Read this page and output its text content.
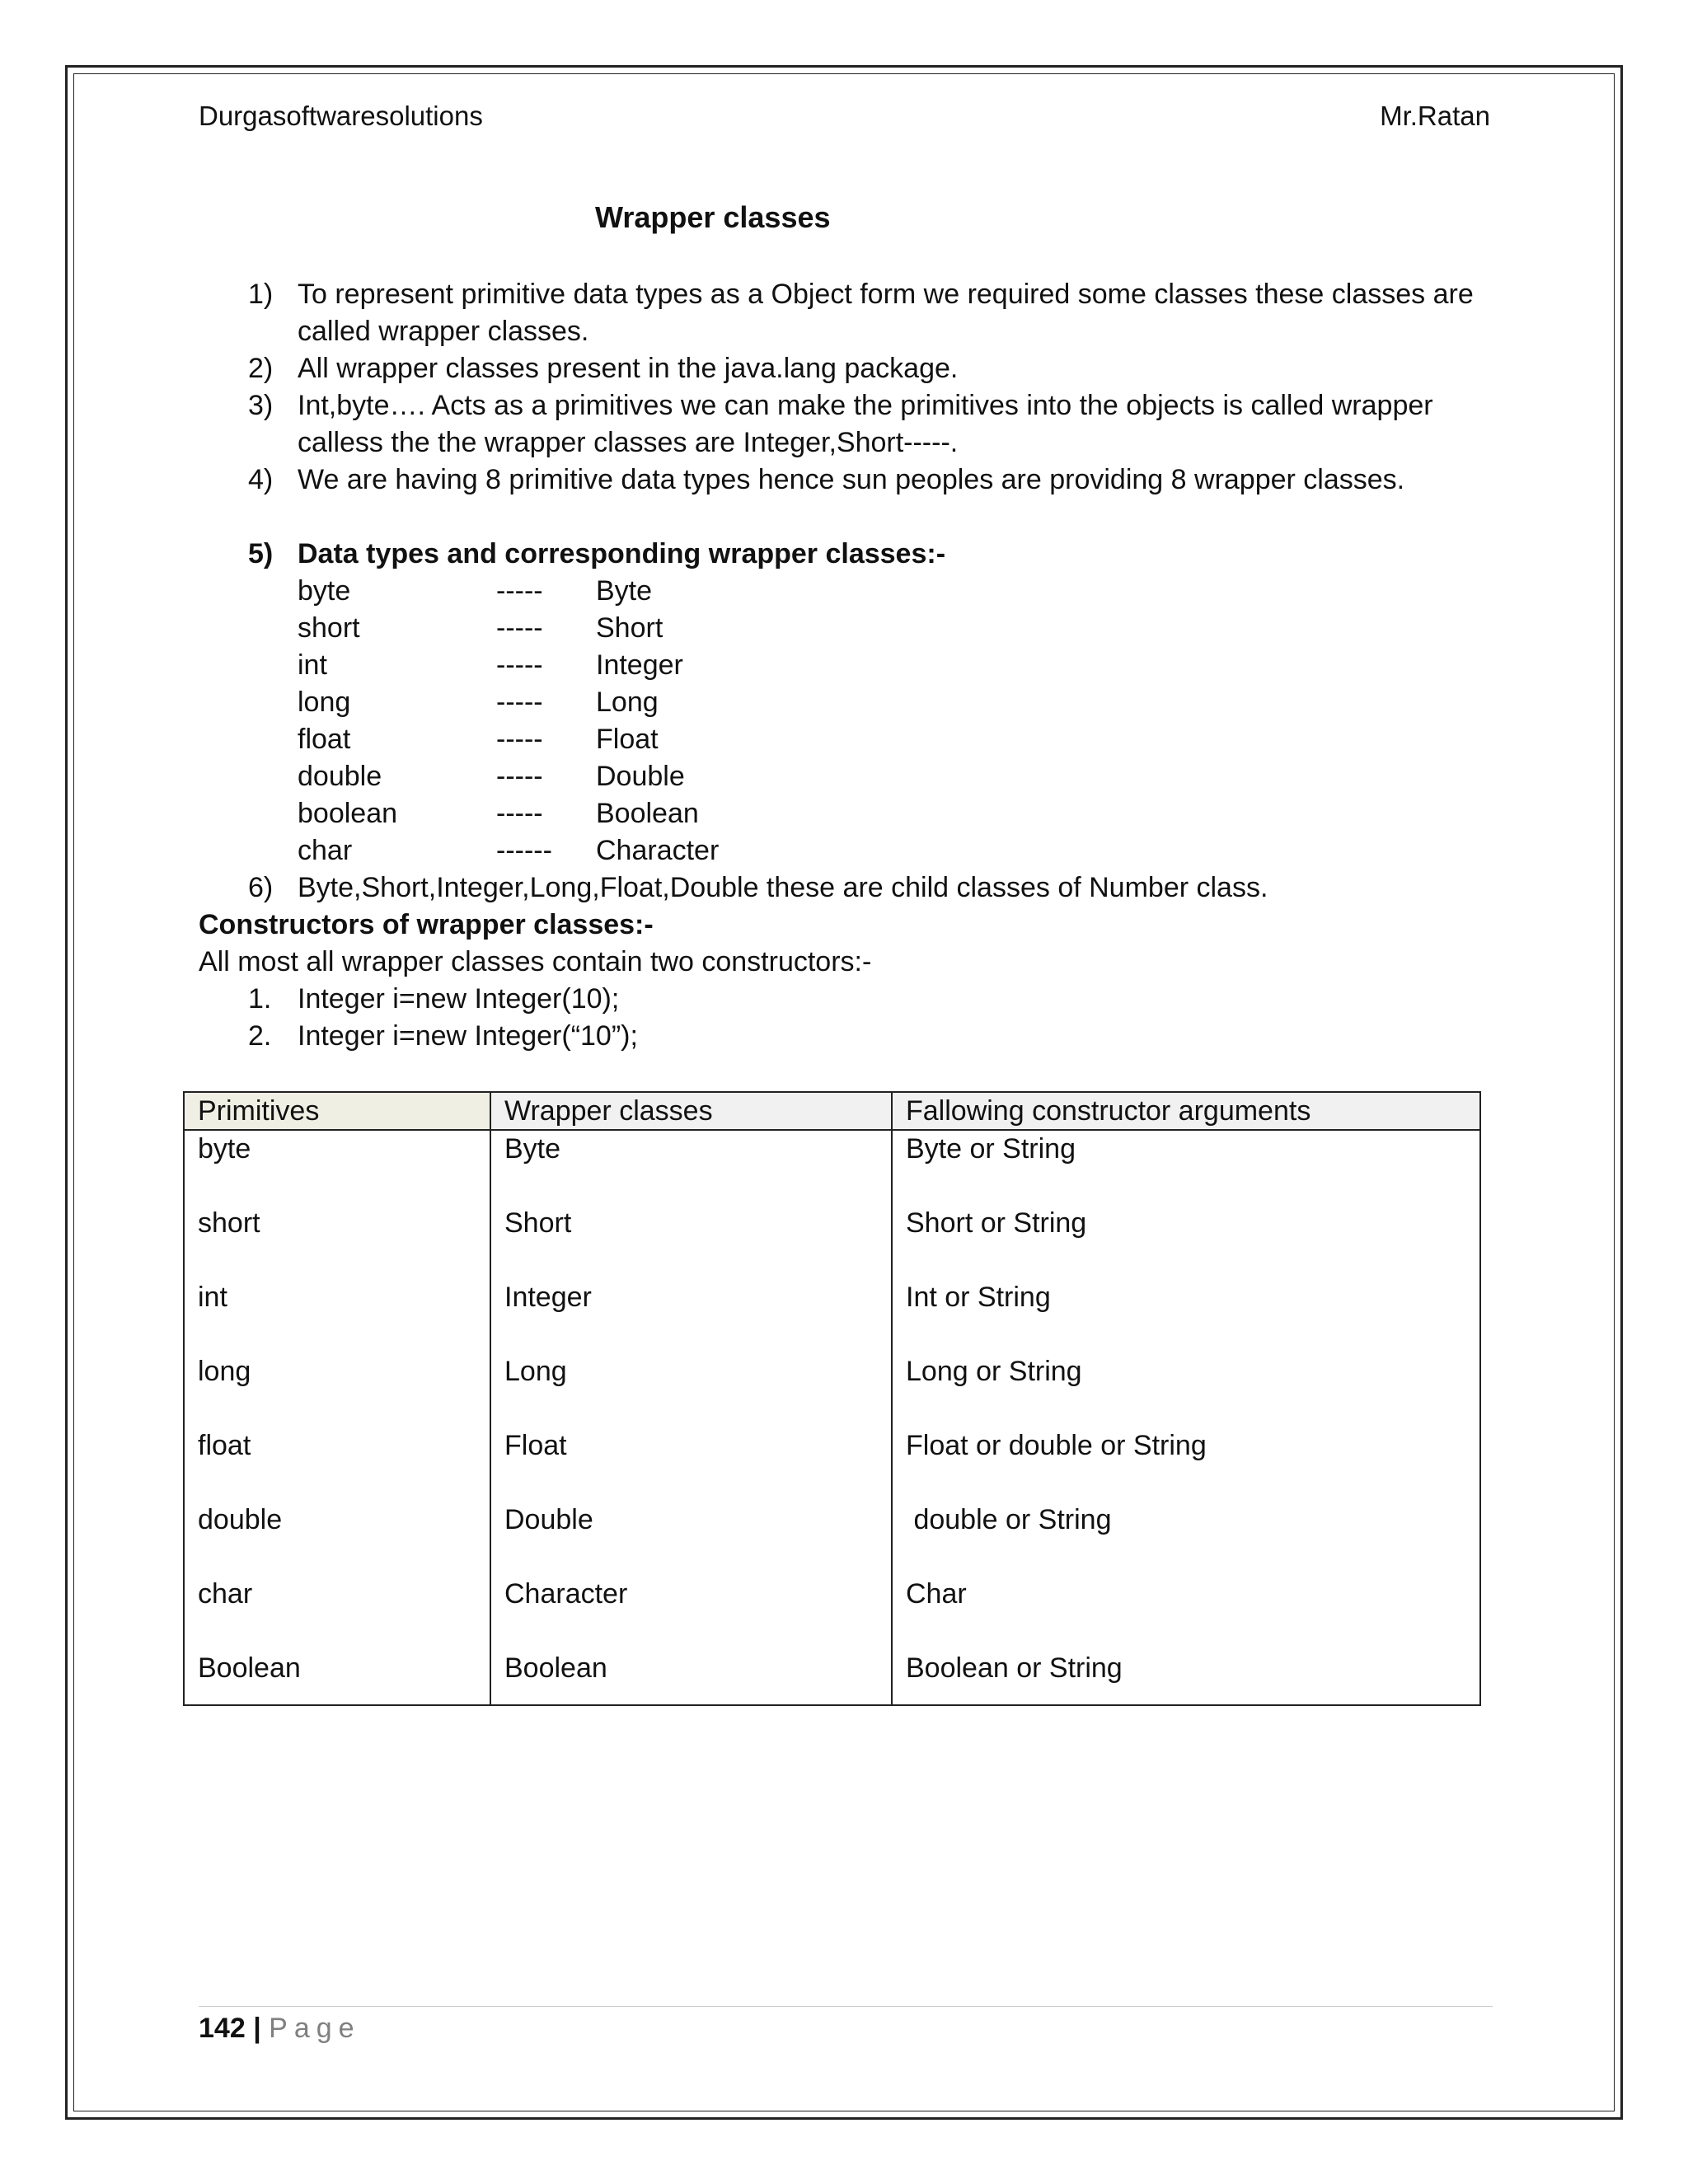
Durgasoftwaresolutions	Mr.Ratan
Wrapper classes
1) To represent primitive data types as a Object form we required some classes these classes are
called wrapper classes.
2) All wrapper classes present in the java.lang package.
3) Int,byte…. Acts as a primitives we can make the primitives into the objects is called wrapper
calless the the wrapper classes are Integer,Short-----.
4) We are having 8 primitive data types hence sun peoples are providing 8 wrapper classes.
5) Data types and corresponding wrapper classes:-
byte	----- Byte
short	----- Short
int	----- Integer
long	----- Long
float	----- Float
double	----- Double
boolean	----- Boolean
char	------ Character
6) Byte,Short,Integer,Long,Float,Double these are child classes of Number class.
Constructors of wrapper classes:-
All most all wrapper classes contain two constructors:-
1. Integer i=new Integer(10);
2. Integer i=new Integer(“10”);
Primitives	Wrapper classes	Fallowing constructor arguments
byte	Byte	Byte or String
short	Short	Short or String
int	Integer	Int or String
long	Long	Long or String
float	Float	Float or double or String
double	Double	double or String
char	Character	Char
Boolean	Boolean	Boolean or String
142 | Page
